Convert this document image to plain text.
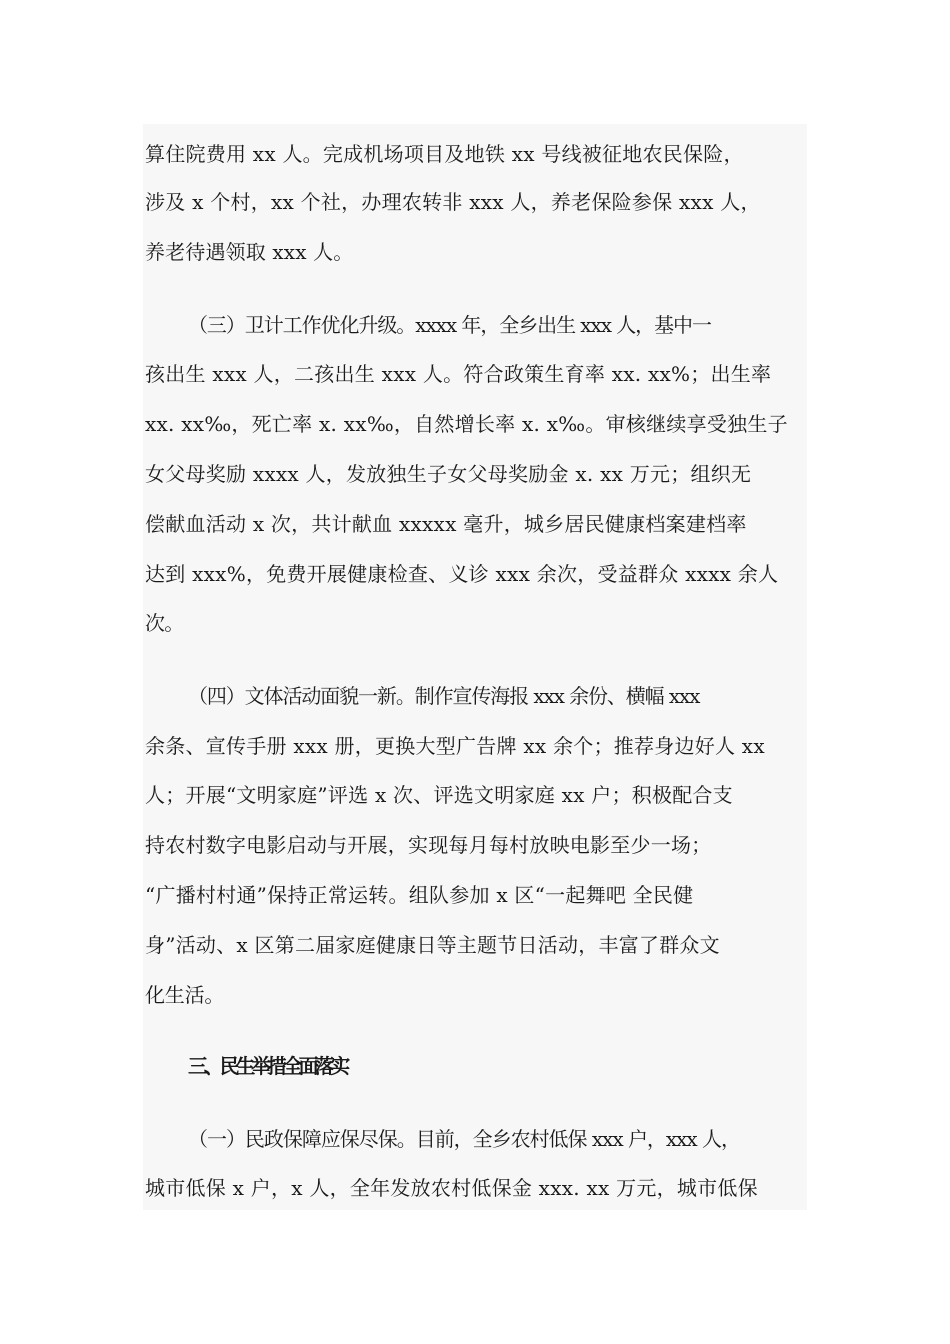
算住院费用 xx 人。完成机场项目及地铁 xx 号线被征地农民保险，
涉及 x 个村，xx 个社，办理农转非 xxx 人，养老保险参保 xxx 人，
养老待遇领取 xxx 人。
（三）卫计工作优化升级。xxxx 年，全乡出生 xxx 人，基中一
孩出生 xxx 人，二孩出生 xxx 人。符合政策生育率 xx. xx%；出生率
xx. xx‰，死亡率 x. xx‰，自然增长率 x. x‰。审核继续享受独生子
女父母奖励 xxxx 人，发放独生子女父母奖励金 x. xx 万元；组织无
偿献血活动 x 次，共计献血 xxxxx 毫升，城乡居民健康档案建档率
达到 xxx%，免费开展健康检查、义诊 xxx 余次，受益群众 xxxx 余人
次。
（四）文体活动面貌一新。制作宣传海报 xxx 余份、横幅 xxx
余条、宣传手册 xxx 册，更换大型广告牌 xx 余个；推荐身边好人 xx
人；开展“文明家庭”评选 x 次、评选文明家庭 xx 户；积极配合支
持农村数字电影启动与开展，实现每月每村放映电影至少一场；
“广播村村通”保持正常运转。组队参加 x 区“一起舞吧 全民健
身”活动、x 区第二届家庭健康日等主题节日活动，丰富了群众文
化生活。
三、民生举措全面落实
（一）民政保障应保尽保。目前，全乡农村低保 xxx 户，xxx 人，
城市低保 x 户，x 人，全年发放农村低保金 xxx. xx 万元，城市低保
